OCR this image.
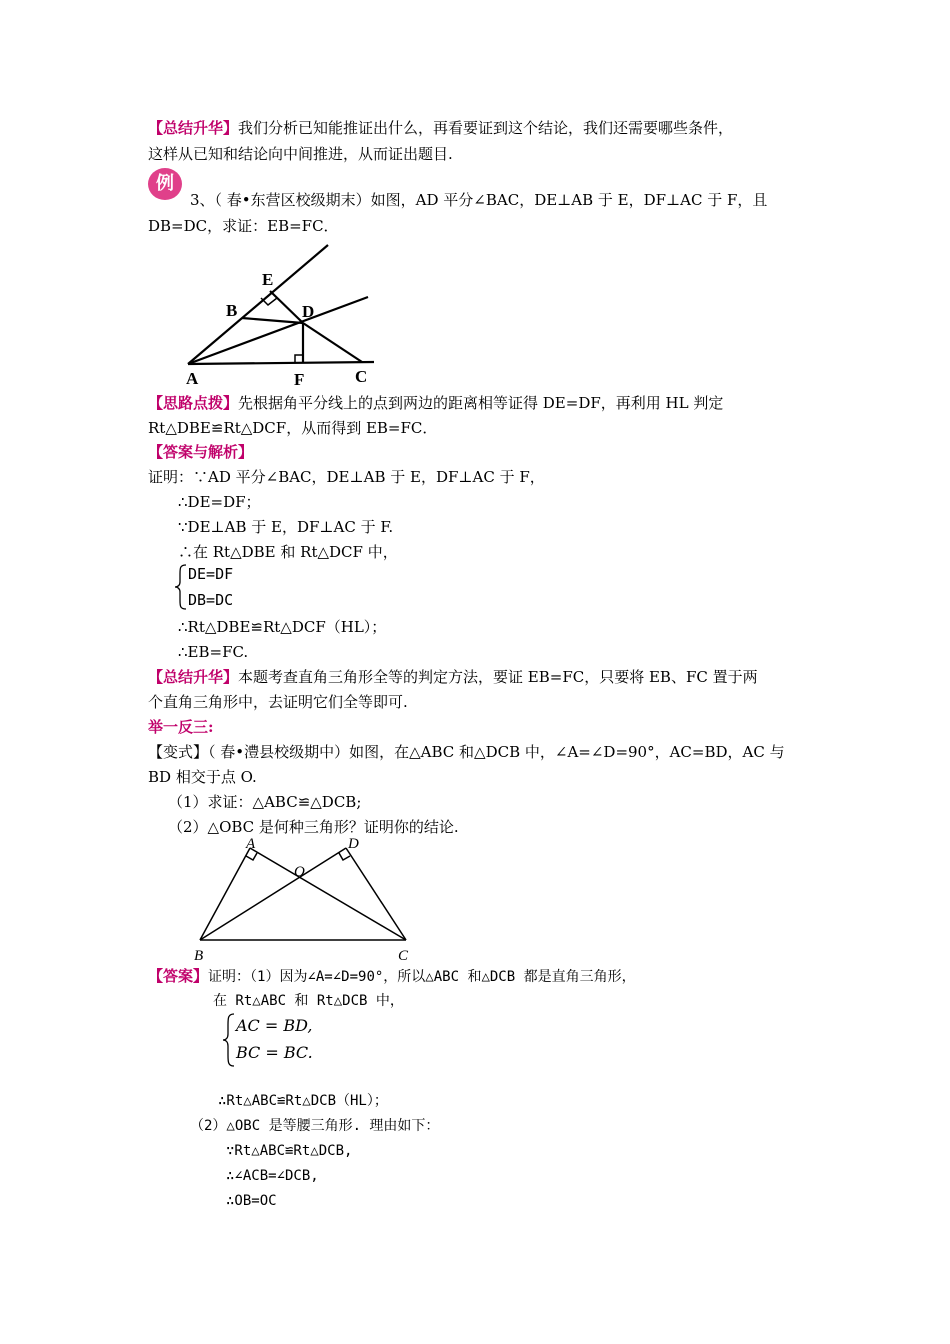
【总结升华】我们分析已知能推证出什么，再看要证到这个结论，我们还需要哪些条件，
这样从已知和结论向中间推进，从而证出题目.
例
3、（ 春•东营区校级期末）如图，AD 平分∠BAC，DE⊥AB 于 E，DF⊥AC 于 F，且
DB=DC，求证：EB=FC．
E
B	D
A	F	C
【思路点拨】先根据角平分线上的点到两边的距离相等证得 DE=DF，再利用 HL 判定
Rt△DBE≌Rt△DCF，从而得到 EB=FC．
【答案与解析】
证明：∵AD 平分∠BAC，DE⊥AB 于 E，DF⊥AC 于 F，
∴DE=DF；
∵DE⊥AB 于 E，DF⊥AC 于 F.
∴在 Rt△DBE 和 Rt△DCF 中，
DE=DF
DB=DC
∴Rt△DBE≌Rt△DCF（HL）；
∴EB=FC.
【总结升华】本题考查直角三角形全等的判定方法，要证 EB=FC，只要将 EB、FC 置于两
个直角三角形中，去证明它们全等即可.
举一反三:
【变式】（ 春•澧县校级期中）如图，在△ABC 和△DCB 中，∠A=∠D=90°，AC=BD，AC 与
BD 相交于点 O.
（1）求证：△ABC≌△DCB;
（2）△OBC 是何种三角形？证明你的结论.
A	D
O
B	C
【答案】证明：（1）因为∠A=∠D=90°，所以△ABC 和△DCB 都是直角三角形，
在 Rt△ABC 和 Rt△DCB 中，
AC = BD,
BC = BC.
∴Rt△ABC≌Rt△DCB（HL）；
（2）△OBC 是等腰三角形. 理由如下：
∵Rt△ABC≌Rt△DCB,
∴∠ACB=∠DCB,
∴OB=OC
